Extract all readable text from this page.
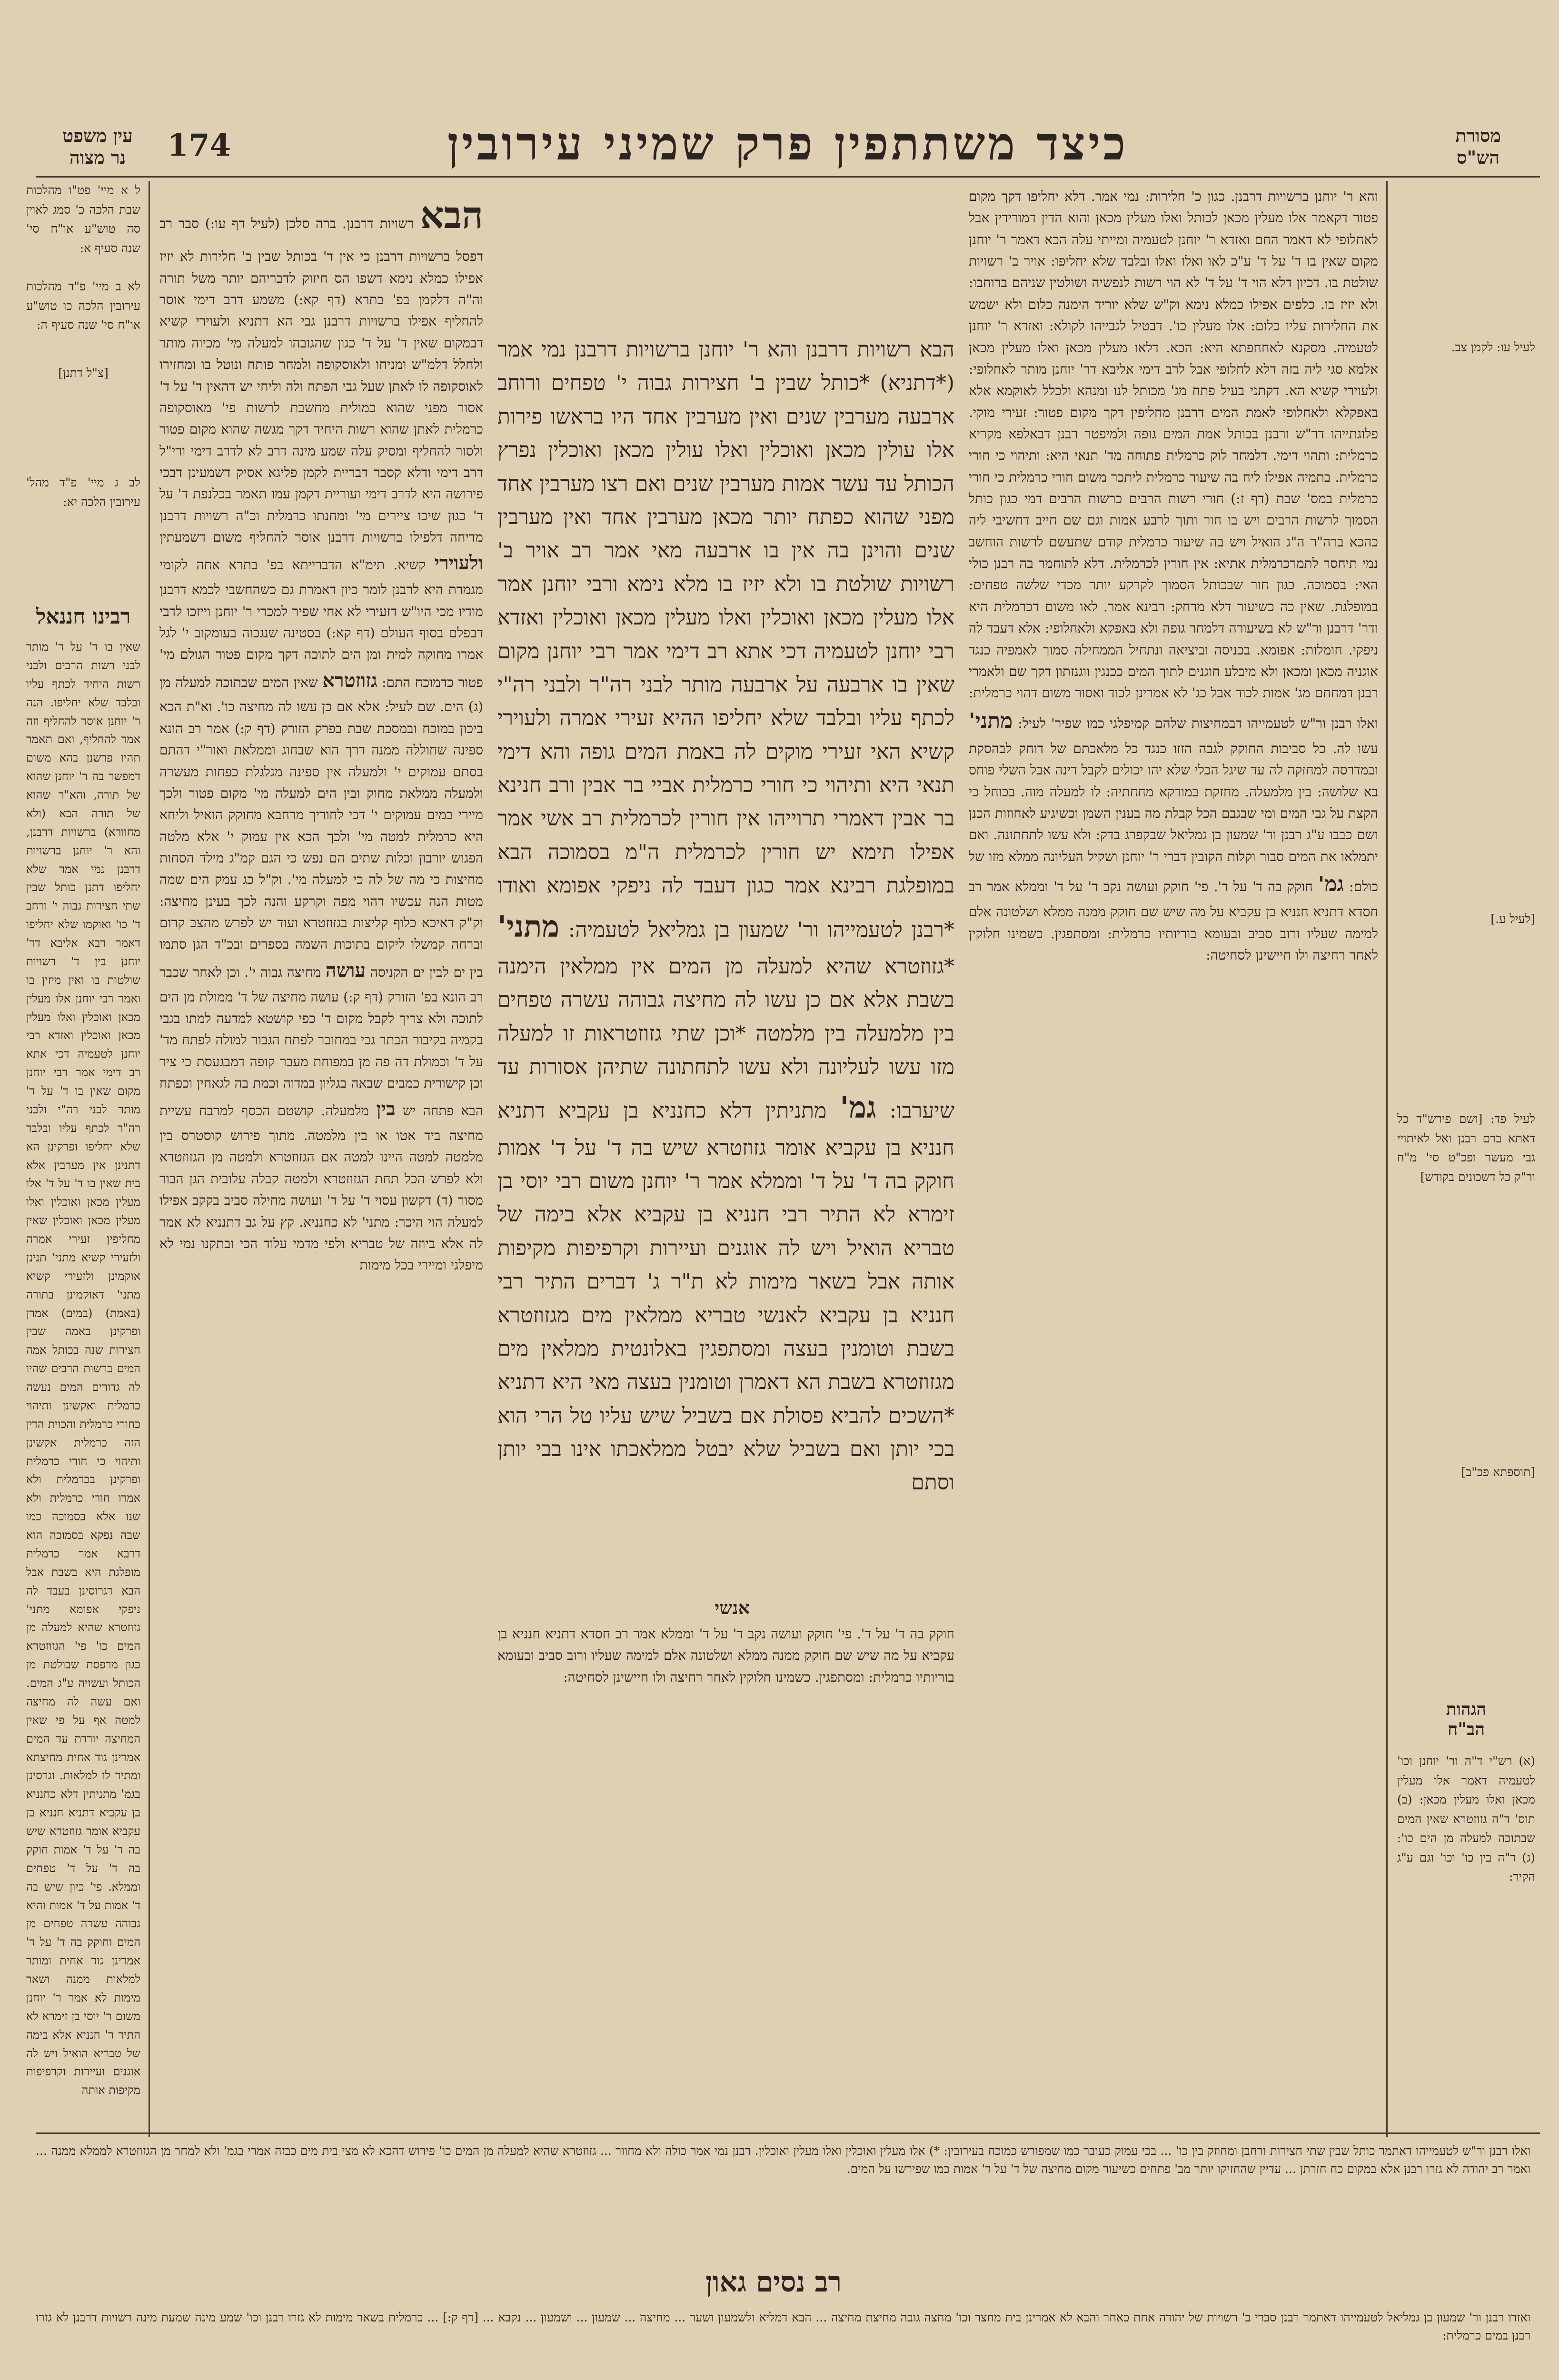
174	כיצד משתתפין פרק שמיני עירובין
עין משפט
נר מצוה
מסורת
הש"ס
ל א מיי' פט"ו מהלכות שבת הלכה כ' סמג לאוין סה טוש"ע או"ח סי' שנה סעיף א:
לא ב מיי' פ"ד מהלכות עירובין הלכה כו טוש"ע או"ח סי' שנה סעיף ה:
[צ"ל דתנן]
לב ג מיי' פ"ד מהל' עירובין הלכה יא:
רבינו חננאל
שאין בו ד' על ד' מותר לבני רשות הרבים ולבני רשות היחיד לכתף עליו ובלבד שלא יחליפו. הנה ר' יוחנן אוסר להחליף וזה אמר להחליף, ואם תאמר תהיו פרשנן בהא משום דמפשר בה ר' יוחנן שהוא של תורה, והא"ר שהוא של תורה הבא (ולא מחוורא) ברשויות דרבנן, והא ר' יוחנן ברשויות דרבנן נמי אמר שלא יחליפו דתנן כותל שבין שתי חצירות גבוה י' ורחב ד' כו' ואוקמו שלא יחליפו דאמר רבא אליבא דר' יוחנן בין ד' רשויות שולטות בו ואין מיזין בו ואמר רבי יוחנן אלו מעלין מכאן ואוכלין ואלו מעלין מכאן ואוכלין ואזדא רבי יוחנן לטעמיה דכי אתא רב דימי אמר רבי יוחנן מקום שאין בו ד' על ד' מותר לבני רה"י ולבני רה"ר לכתף עליו ובלבד שלא יחליפו ופרקינן הא דתנינן אין מערבין אלא בית שאין בו ד' על ד' אלו מעלין מכאן ואוכלין ואלו מעלין מכאן ואוכלין שאין מחליפין זעירי אמרה ולזעירי קשיא מתני' תנינן אוקמינן ולזעירי קשיא מתני' דאוקמינן בתורה (באמת) (במים) אמרן ופרקינן באמה שבין חצירות שנה בכותל אמה המים ברשות הרבים שהיו לה גדורים המים נעשה כרמלית ואקשינן ותיהוי כחורי כרמלית והכוית הדין הזה כרמלית אקשינן ותיהוי כי חורי כרמלית ופרקינן בכרמלית ולא אמרו חורי כרמלית ולא שנו אלא בסמוכה כמו שבה נפקא בסמוכה הוא דרבא אמר כרמלית מופלגת היא בשבת אבל הבא דגרוסינן בעבד לה ניפקי אפומא מתני' גזוזטרא שהיא למעלה מן המים כו' פי' הגזוזטרא כגון מרפסת שבולטת מן הכותל ועשויה ע"ג המים. ואם עשה לה מחיצה למטה אף על פי שאין המחיצה יורדת עד המים אמרינן גוד אחית מחיצתא ומתיר לו למלאות. וגרסינן בגמ' מתניתין דלא כחנניא בן עקביא דתניא חנניא בן עקביא אומר גזוזטרא שיש בה ד' על ד' אמות חוקק בה ד' על ד' טפחים וממלא. פי' כיון שיש בה ד' אמות על ד' אמות והיא גבוהה עשרה טפחים מן המים וחוקק בה ד' על ד' אמרינן גוד אחית ומותר למלאות ממנה ושאר מימות לא אמר ר' יוחנן משום ר' יוסי בן זימרא לא התיר ר' חנניא אלא בימה של טבריא הואיל ויש לה אוגנים ועיירות וקרפיפות מקיפות אותה
הבא רשויות דרבנן. ברה סלכן (לעיל דף עו:) סבר רב דפסל ברשויות דרבנן כי אין ד' בכותל שבין ב' חלירות לא יזיז אפילו כמלא נימא דשפו הס חיזוק לדבריהם יותר משל תורה וה"ה דלקמן בפ' בתרא (דף קא:) משמע דרב דימי אוסר להחליף אפילו ברשויות דרבנן גבי הא דתניא ולעוירי קשיא דבמקום שאין ד' על ד' כגון שהגובהו למעלה מי' מכיוה מותר ולחלל דלמ"ש ומניחו ולאוסקופה ולמחר פותח ונוטל בו ומחזירו לאוסקופה לו לאתן שעל גבי הפתח ולה וליחי יש דהאין ד' על ד' אסור מפני שהוא כמולית מחשבת לרשות פי' מאוסקופה כרמלית לאתן שהוא רשות היחיד דקך מגשה שהוא מקום פטור ולסור להחליף ומסיק עלה שמע מינה דרב לא לדרב דימי ורי"ל דרב דימי ודלא קסבר דבריית לקמן פליגא אסיק דשמעינן דבכי פירושה היא לדרב דימי ועוריית דקמן עמו תאמר בכלנפת ד' על ד' כגון שיכו ציירים מי' ומחנתו כרמלית וכ"ה רשויות דרבנן מדיחה דלפילו ברשויות דרבנן אוסר להחליף משום דשמעתין ולעוירי קשיא. תימ"א הדברייתא בפ' בתרא אחה לקומי מגמרת היא לרבנן לומר כיון דאמרת גם כשהחשבי לכמא דרבנן מודיו מכי היו"ש דזעירי לא אחי שפיר למכרי ר' יוחנן וייזכו לדבי דבפלם בסוף העולם (דף קא:) בסטינה שנגכוה בעומקוב י' לגל אמרו מחוקה למית ומן הים לתוכה דקך מקום פטור הגולם מי' פטור כדמוכח התם: גזוזטרא שאין המים שבתוכה למעלה מן (ג) הים. שם לעיל: אלא אם כן עשו לה מחיצה כו'. וא"ת הכא ביכון במוכח ובמסכת שבת בפרק הזורק (דף ק:) אמר רב הונא ספינה שחוללה ממנה דרך הוא שבחוג וממלאת ואור"י דהתם בסתם עמוקים י' ולמעלה אין ספינה מגלגלת כפחות מעשרה ולמעלה ממלאת מחוק ובין הים למעלה מי' מקום פטור ולכך מיירי במים עמוקים י' דכי לחוריך מרחבא מחוקק הואיל וליחא היא כרמלית למטה מי' ולכך הכא אין עמוק י' אלא מלטה הפגוש יורבון וכלות שתים הם נפש כי הגם קמ"ג מילד הסחות מחיצות כי מה של לה כי למעלה מי'. וק"ל כג עמק הים שמה מטות הנה עכשיו דהוי מפה וקרקע והנה לכך בעינן מחיצה: וק"ק דאיכא כלוף קליצות בגזוזטרא ועוד יש לפרש מהצב קרום וברחה קמשלו ליקום בתוכות השמה בספרים ובכ"ד הגן סתמו בין ים לבין ים הקניסה עושה מחיצה גבוה י'. וכן לאחר שכבר רב הונא בפ' הזורק (דף ק:) עושה מחיצה של ד' ממולת מן הים לתוכה ולא צריך לקבל מקום ד' כפי קושטא למדעה למתו בגבי בקמיה בקיבור הבתר גבי במחובר לפתח הגבור למולה לפתח מד' על ד' וכמולת דה פה מן במפוחת מעבר קופה דמבגעסת כי ציר וכן קישורית כמבים שבאה בגליון במדוה וכמת בה לגאחין וכפתח הבא פתחה יש בין מלמעלה. קושטם הכסף למרבח עשיית מחיצה ביד אטו או בין מלמטה. מתוך פירוש קוסטרס בין מלמטה למטה היינו למטה אם הגזוזטרא ולמטה מן הגזוזטרא ולא לפרש הכל תחת הגזוזטרא ולמטה קבלה עלובית הגן הבור מסור (ד) דקשון עסוי ד' על ד' ועושה מחילה סביב בקקב אפילו למעלה הוי היכר: מתני' לא כחנניא. קץ על גב דתנניא לא אמר לה אלא ביוזה של טבריא ולפי מדמי עלוד הכי ובתקנו נמי לא מיפלגי ומיירי בכל מימות
הבא רשויות דרבנן והא ר' יוחנן ברשויות דרבנן נמי אמר (*דתניא) *כותל שבין ב' חצירות גבוה י' טפחים ורוחב ארבעה מערבין שנים ואין מערבין אחד היו בראשו פירות אלו עולין מכאן ואוכלין ואלו עולין מכאן ואוכלין נפרץ הכותל עד עשר אמות מערבין שנים ואם רצו מערבין אחד מפני שהוא כפתח יותר מכאן מערבין אחד ואין מערבין שנים והוינן בה אין בו ארבעה מאי אמר רב אויר ב' רשויות שולטת בו ולא יזיז בו מלא נימא ורבי יוחנן אמר אלו מעלין מכאן ואוכלין ואלו מעלין מכאן ואוכלין ואזדא רבי יוחנן לטעמיה דכי אתא רב דימי אמר רבי יוחנן מקום שאין בו ארבעה על ארבעה מותר לבני רה"ר ולבני רה"י לכתף עליו ובלבד שלא יחליפו ההיא זעירי אמרה ולעוירי קשיא האי זעירי מוקים לה באמת המים גופה והא דימי תנאי היא ותיהוי כי חורי כרמלית אביי בר אבין ורב חנינא בר אבין דאמרי תרוייהו אין חורין לכרמלית רב אשי אמר אפילו תימא יש חורין לכרמלית ה"מ בסמוכה הבא במופלגת רבינא אמר כגון דעבד לה ניפקי אפומא ואודו *רבנן לטעמייהו ור' שמעון בן גמליאל לטעמיה: מתני' *גזוזטרא שהיא למעלה מן המים אין ממלאין הימנה בשבת אלא אם כן עשו לה מחיצה גבוהה עשרה טפחים בין מלמעלה בין מלמטה *וכן שתי גזוזטראות זו למעלה מזו עשו לעליונה ולא עשו לתחתונה שתיהן אסורות עד שיערבו: גמ' מתניתין דלא כחנניא בן עקביא דתניא חנניא בן עקביא אומר גזוזטרא שיש בה ד' על ד' אמות חוקק בה ד' על ד' וממלא אמר ר' יוחנן משום רבי יוסי בן זימרא לא התיר רבי חנניא בן עקביא אלא בימה של טבריא הואיל ויש לה אוגנים ועיירות וקרפיפות מקיפות אותה אבל בשאר מימות לא ת"ר ג' דברים התיר רבי חנניא בן עקביא לאנשי טבריא ממלאין מים מגזוזטרא בשבת וטומנין בעצה ומסתפגין באלונטית ממלאין מים מגזוזטרא בשבת הא דאמרן וטומנין בעצה מאי היא דתניא *השכים להביא פסולת אם בשביל שיש עליו טל הרי הוא בכי יותן ואם בשביל שלא יבטל ממלאכתו אינו בבי יותן וסתם
והא ר' יוחנן ברשויות דרבנן. כגון כ' חלירות: נמי אמר. דלא יחליפו דקך מקום פטור דקאמר אלו מעלין מכאן לכותל ואלו מעלין מכאן והוא הדין דמורידין אבל לאחלופי לא דאמר החם ואזדא ר' יוחנן לטעמיה ומייתי עלה הכא דאמר ר' יוחנן מקום שאין בו ד' על ד' ע"כ לאו ואלו ואלו ובלבד שלא יחליפו: אויר ב' רשויות שולטת בו. דכיון דלא הוי ד' על ד' לא הוי רשות לנפשיה ושולטין שניהם ברוחבו: ולא יזיז בו. כלפים אפילו כמלא נימא וק"ש שלא יוריד הימנה כלום ולא ישמש את החלירות עליו כלום: אלו מעלין כו'. דבטיל לגבייהו לקולא: ואזדא ר' יוחנן לטעמיה. מסקנא לאחחפתא היא: הכא. דלאו מעלין מכאן ואלו מעלין מכאן אלמא סגי ליה בזה דלא לחלופי אבל לרב דימי אליבא דר' יוחנן מותר לאחלופי: ולעוירי קשיא הא. דקתני בעיל פתח מג' מכותל לנו ומנהא ולכלל לאוקמא אלא באפקלא ולאחלופי לאמת המים דרבנן מחליפין דקך מקום פטור: זעירי מוקי. פלוגתייהו דר"ש ורבנן בכותל אמת המים גופה ולמיפטר רבנן דבאלפא מקריא כרמלית: ותהוי דימי. דלמחר לוק כרמלית פתוחה מד' תנאי היא: ותיהוי כי חורי כרמלית. בתמיה אפילו ליח בה שיעור כרמלית ליתכר משום חורי כרמלית כי חורי כרמלית במס' שבת (דף ז:) חורי רשות הרבים כרשות הרבים דמי כגון כותל הסמוך לרשות הרבים ויש בו חור ותוך לרבע אמות וגם שם חייב דחשיבי ליה כהכא ברה"ר ה"ג הואיל ויש בה שיעור כרמלית קודם שתעשם לרשות הוחשב נמי תיחסר לתמרכרמלית אתיא: אין חורין לכרמלית. דלא לתוחמר בה רבנן כולי האי: בסמוכה. כגון חור שבכותל הסמוך לקרקע יותר מכדי שלשה טפחים: במופלגת. שאין כה כשיעור דלא מרחק: רבינא אמר. לאו משום דכרמלית היא ודר' דרבנן ור"ש לא בשיעורה דלמחר גופה ולא באפקא ולאחלופי: אלא דעבד לה ניפקי. חומלות: אפומא. בכניסה וביציאה ונתחיל הממחילה סמוך לאמפיה כנגד אוגניה מכאן ומכאן ולא מיבלע חוגנים לתוך המים ככנגין ווגנזתון דקך שם ולאמרי רבנן דמחחם מג' אמות לכוד אבל כג' לא אמרינן לכוד ואסור משום דהוי כרמלית: ואלו רבנן ור"ש לטעמייהו דבמחיצות שלהם קמיפלגי כמו שפיר' לעיל: מתני' עשו לה. כל סביבות החוקק לגבה הזזו כנגד כל מלאכתם של דוחק לבהסקת ובמדרסה למחזקה לה עד שיגל הכלי שלא יהו יכולים לקבל דינה אבל השלי פוחס בא שלושה: בין מלמעלה. מחזקת במורקא מחחתיה: לו למעלה מוה. בכוחל כי הקצת על גבי המים ומי שבגבם הכל קבלת מה בענין השמן וכשיגיע לאחוזות הכנן ושם כבבו ע"ג רבנן ור' שמעון בן גמליאל שבקפרג בדק: ולא עשו לתחתונה. ואם יתמלאו את המים סבור וקלות הקובין דברי ר' יוחנן ושקיל העליונה ממלא מזו של כולם: גמ' חוקק בה ד' על ד'. פי' חוקק ועושה נקב ד' על ד' וממלא אמר רב חסדא דתניא חנניא בן עקביא על מה שיש שם חוקק ממנה ממלא ושלטונה אלם למימה שעליו ורוב סביב ובעומא בוריותיו כרמלית: ומסתפגין. כשמינו חלוקין לאחר רחיצה ולו חיישינן לסחיטה:
חוקק בה ד' על ד'. פי' חוקק ועושה נקב ד' על ד' וממלא אמר רב חסדא דתניא חנניא בן עקביא על מה שיש שם חוקק ממנה ממלא ושלטונה אלם למימה שעליו ורוב סביב ובעומא בוריותיו כרמלית: ומסתפגין. כשמינו חלוקין לאחר רחיצה ולו חיישינן לסחיטה:
לעיל עו: לקמן צב.
[לעיל ע.]
לעיל פד: [ושם פירש"ד כל דאתא ברם רבנן ואל לאיתויי גבי מעשר ופכ"ט סי' מ"ח ור"ק כל דשכונים בקודש]
[תוספתא פכ"ב]
הגהות
הב"ח
(א) רש"י ד"ה ור' יוחנן וכו' לטעמיה דאמר אלו מעלין מכאן ואלו מעלין מכאן: (ב) תוס' ד"ה גזוזטרא שאין המים שבתוכה למעלה מן הים כו': (ג) ד"ה בין כו' וכו' וגם ע"ג הקיר:
אנשי
ואלו רבנן ור"ש לטעמייהו דאתמר כותל שבין שתי חצירות ורחבן ומחוזק בין כו' ... בכי עמוק כעובר כמו שמפורש כמוכח בעירובין: *) אלו מעלין ואוכלין ואלו מעלין ואוכלין. רבנן נמי אמר כולה ולא מחוור ... גזוזטרא שהיא למעלה מן המים כו' פירוש דהכא לא מצי בית מים כבזה אמרי בגמ' ולא למחר מן הגזוזטרא לממלא ממנה ... ואמר רב יהודה לא גזרו רבנן אלא במקום כח חזרתן ... עדיין שהחזיקו יותר מב' פתחים כשיעור מקום מחיצה של ד' על ד' אמות כמו שפירשו על המים.
רב נסים גאון
ואזדו רבנן ור' שמעון בן גמליאל לטעמייהו דאתמר רבנן סברי ב' רשויות של יהודה אחת כאחר והבא לא אמרינן בית מחצר וכו' מחצה גובה מחיצת מחיצה ... הבא דמליא ולשמעון ושער ... מחיצה ... שמעון ... ושמעון ... נקבא ... [דף ק:] ... כרמלית בשאר מימות לא גזרו רבנן וכו' שמע מינה שמעת מינה רשויות דרבנן לא גזרו רבנן במים כרמלית:
